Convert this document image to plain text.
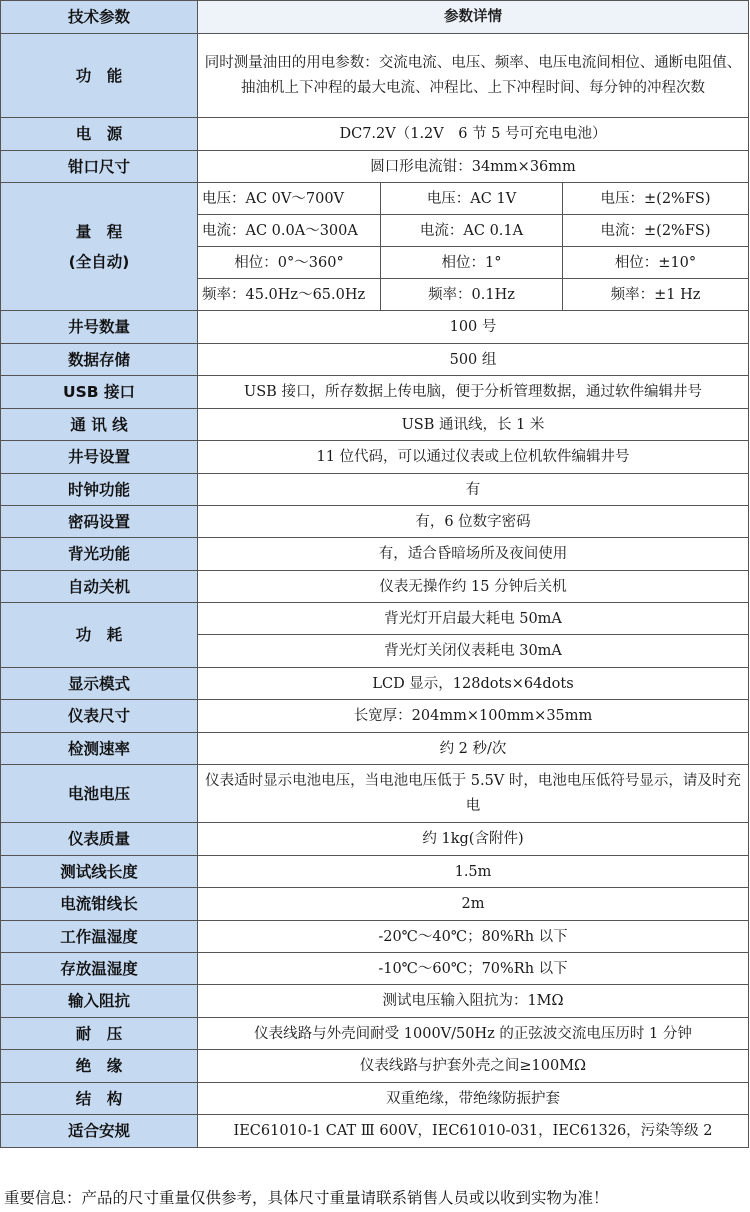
技术参数	参数详情		
功　能	同时测量油田的用电参数：交流电流、电压、频率、电压电流间相位、通断电阻值、抽油机上下冲程的最大电流、冲程比、上下冲程时间、每分钟的冲程次数		
电　源	DC7.2V（1.2V　6 节 5 号可充电电池）		
钳口尺寸	圆口形电流钳：34mm×36mm		

量　程
(全自动)	电压：AC 0V～700V	电压：AC 1V	电压：±(2%FS)
	电流：AC 0.0A～300A	电流：AC 0.1A	电流：±(2%FS)
	相位：0°～360°	相位：1°	相位：±10°
	频率：45.0Hz～65.0Hz	频率：0.1Hz	频率：±1 Hz
井号数量	100 号		
数据存储	500 组		
USB 接口	USB 接口，所存数据上传电脑，便于分析管理数据，通过软件编辑井号		
通 讯 线	USB 通讯线，长 1 米		
井号设置	11 位代码，可以通过仪表或上位机软件编辑井号		
时钟功能	有		
密码设置	有，6 位数字密码		
背光功能	有，适合昏暗场所及夜间使用		
自动关机	仪表无操作约 15 分钟后关机		
功　耗	背光灯开启最大耗电 50mA		
	背光灯关闭仪表耗电 30mA		
显示模式	LCD 显示，128dots×64dots		
仪表尺寸	长宽厚：204mm×100mm×35mm		
检测速率	约 2 秒/次		
电池电压	仪表适时显示电池电压，当电池电压低于 5.5V 时，电池电压低符号显示，请及时充电		
仪表质量	约 1kg(含附件)		
测试线长度	1.5m		
电流钳线长	2m		
工作温湿度	-20℃～40℃；80%Rh 以下		
存放温湿度	-10℃～60℃；70%Rh 以下		
输入阻抗	测试电压输入阻抗为：1MΩ		
耐　压	仪表线路与外壳间耐受 1000V/50Hz 的正弦波交流电压历时 1 分钟		
绝　缘	仪表线路与护套外壳之间≥100MΩ		
结　构	双重绝缘，带绝缘防振护套		
适合安规	IEC61010-1 CAT Ⅲ 600V，IEC61010-031，IEC61326，污染等级 2		
重要信息：产品的尺寸重量仅供参考，具体尺寸重量请联系销售人员或以收到实物为准！
